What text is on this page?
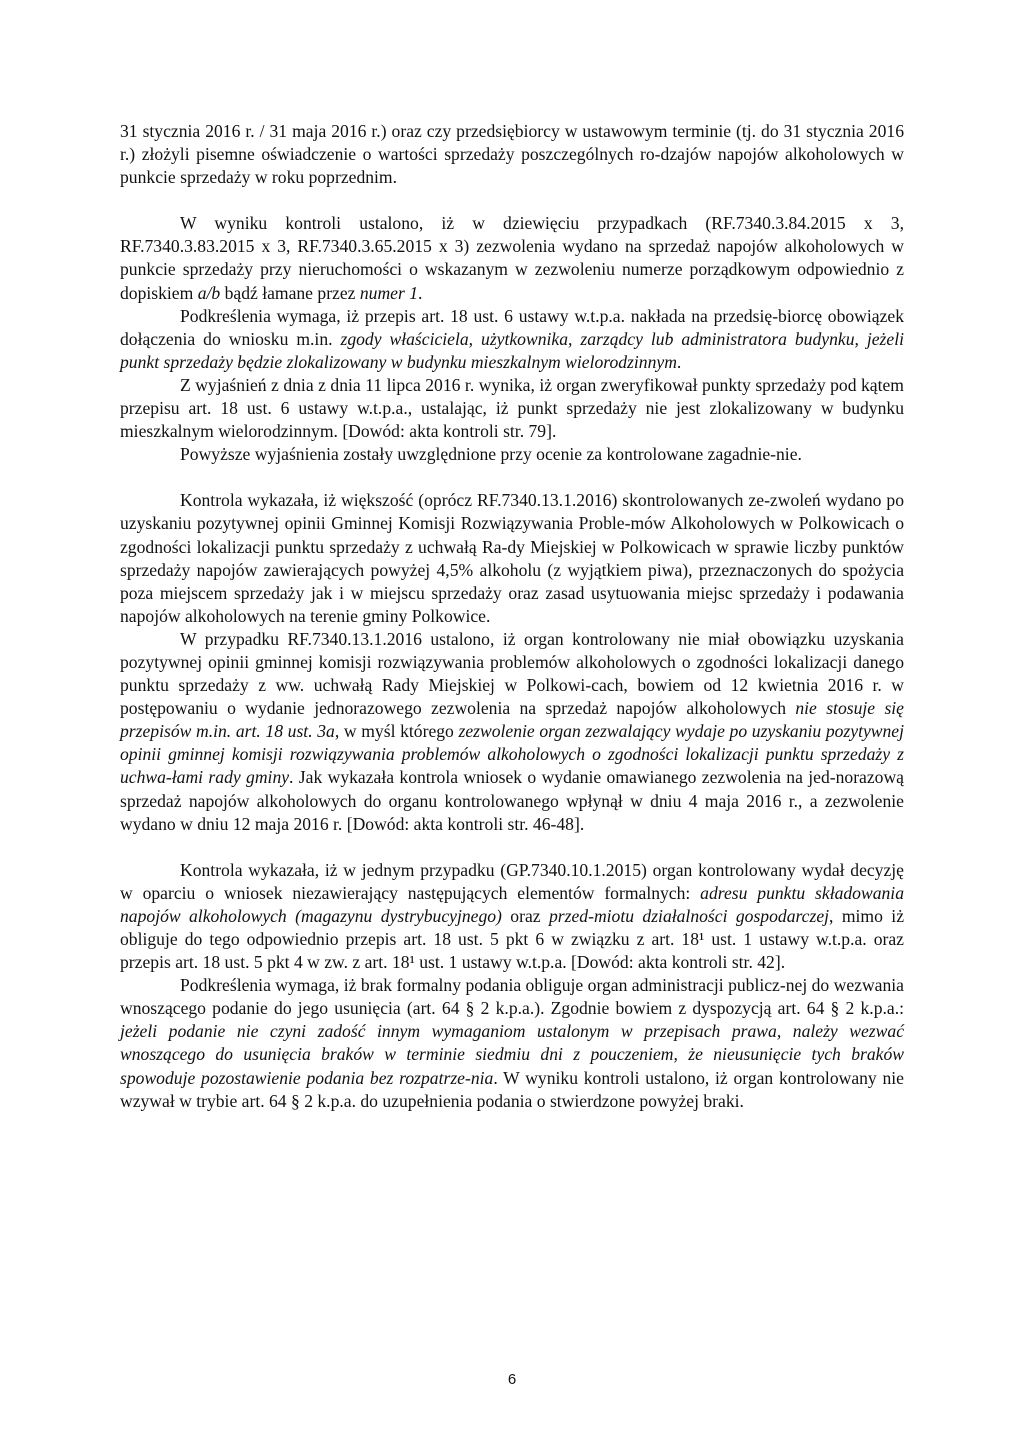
31 stycznia 2016 r. / 31 maja 2016 r.) oraz czy przedsiębiorcy w ustawowym terminie (tj. do 31 stycznia 2016 r.) złożyli pisemne oświadczenie o wartości sprzedaży poszczególnych ro-dzajów napojów alkoholowych w punkcie sprzedaży w roku poprzednim.

W wyniku kontroli ustalono, iż w dziewięciu przypadkach (RF.7340.3.84.2015 x 3, RF.7340.3.83.2015 x 3, RF.7340.3.65.2015 x 3) zezwolenia wydano na sprzedaż napojów alkoholowych w punkcie sprzedaży przy nieruchomości o wskazanym w zezwoleniu numerze porządkowym odpowiednio z dopiskiem a/b bądź łamane przez numer 1.

Podkreślenia wymaga, iż przepis art. 18 ust. 6 ustawy w.t.p.a. nakłada na przedsię-biorcę obowiązek dołączenia do wniosku m.in. zgody właściciela, użytkownika, zarządcy lub administratora budynku, jeżeli punkt sprzedaży będzie zlokalizowany w budynku mieszkalnym wielorodzinnym.

Z wyjaśnień z dnia z dnia 11 lipca 2016 r. wynika, iż organ zweryfikował punkty sprzedaży pod kątem przepisu art. 18 ust. 6 ustawy w.t.p.a., ustalając, iż punkt sprzedaży nie jest zlokalizowany w budynku mieszkalnym wielorodzinnym. [Dowód: akta kontroli str. 79].

Powyższe wyjaśnienia zostały uwzględnione przy ocenie za kontrolowane zagadnie-nie.

Kontrola wykazała, iż większość (oprócz RF.7340.13.1.2016) skontrolowanych ze-zwoleń wydano po uzyskaniu pozytywnej opinii Gminnej Komisji Rozwiązywania Proble-mów Alkoholowych w Polkowicach o zgodności lokalizacji punktu sprzedaży z uchwałą Ra-dy Miejskiej w Polkowicach w sprawie liczby punktów sprzedaży napojów zawierających powyżej 4,5% alkoholu (z wyjątkiem piwa), przeznaczonych do spożycia poza miejscem sprzedaży jak i w miejscu sprzedaży oraz zasad usytuowania miejsc sprzedaży i podawania napojów alkoholowych na terenie gminy Polkowice.

W przypadku RF.7340.13.1.2016 ustalono, iż organ kontrolowany nie miał obowiązku uzyskania pozytywnej opinii gminnej komisji rozwiązywania problemów alkoholowych o zgodności lokalizacji danego punktu sprzedaży z ww. uchwałą Rady Miejskiej w Polkowi-cach, bowiem od 12 kwietnia 2016 r. w postępowaniu o wydanie jednorazowego zezwolenia na sprzedaż napojów alkoholowych nie stosuje się przepisów m.in. art. 18 ust. 3a, w myśl którego zezwolenie organ zezwalający wydaje po uzyskaniu pozytywnej opinii gminnej komisji rozwiązywania problemów alkoholowych o zgodności lokalizacji punktu sprzedaży z uchwa-łami rady gminy. Jak wykazała kontrola wniosek o wydanie omawianego zezwolenia na jed-norazową sprzedaż napojów alkoholowych do organu kontrolowanego wpłynął w dniu 4 maja 2016 r., a zezwolenie wydano w dniu 12 maja 2016 r. [Dowód: akta kontroli str. 46-48].

Kontrola wykazała, iż w jednym przypadku (GP.7340.10.1.2015) organ kontrolowany wydał decyzję w oparciu o wniosek niezawierający następujących elementów formalnych: adresu punktu składowania napojów alkoholowych (magazynu dystrybucyjnego) oraz przed-miotu działalności gospodarczej, mimo iż obliguje do tego odpowiednio przepis art. 18 ust. 5 pkt 6 w związku z art. 18¹ ust. 1 ustawy w.t.p.a. oraz przepis art. 18 ust. 5 pkt 4 w zw. z art. 18¹ ust. 1 ustawy w.t.p.a. [Dowód: akta kontroli str. 42].

Podkreślenia wymaga, iż brak formalny podania obliguje organ administracji publicz-nej do wezwania wnoszącego podanie do jego usunięcia (art. 64 § 2 k.p.a.). Zgodnie bowiem z dyspozycją art. 64 § 2 k.p.a.: jeżeli podanie nie czyni zadość innym wymaganiom ustalonym w przepisach prawa, należy wezwać wnoszącego do usunięcia braków w terminie siedmiu dni z pouczeniem, że nieusunięcie tych braków spowoduje pozostawienie podania bez rozpatrze-nia. W wyniku kontroli ustalono, iż organ kontrolowany nie wzywał w trybie art. 64 § 2 k.p.a. do uzupełnienia podania o stwierdzone powyżej braki.

6
